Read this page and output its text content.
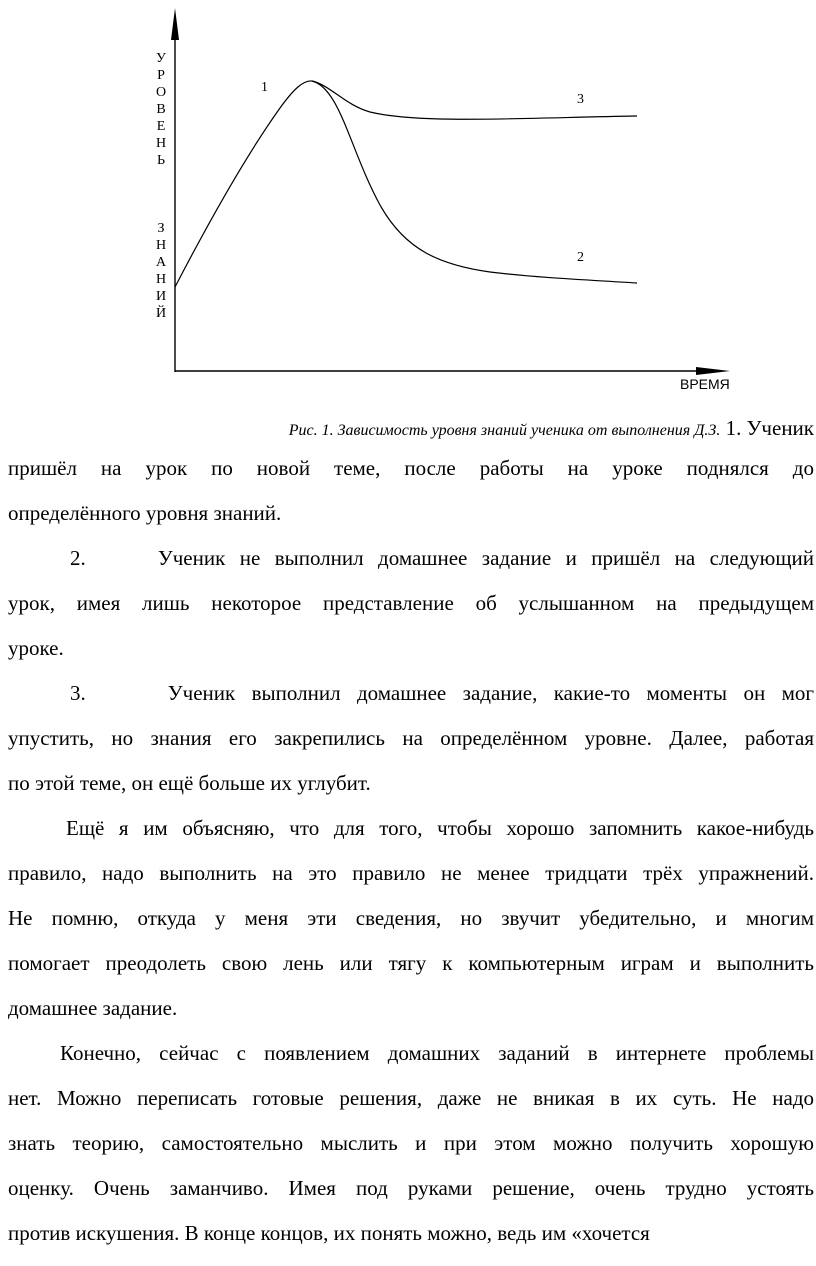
У
Р
О
В
Е
Н
Ь
З
Н
А
Н
И
Й
1
2
3
ВРЕМЯ
Рис. 1. Зависимость уровня знаний ученика от выполнения Д.З. 1. Ученик
пришёл на урок по новой теме, после работы на уроке поднялся до
определённого уровня знаний.
2.     Ученик не выполнил домашнее задание и пришёл на следующий
урок, имея лишь некоторое представление об услышанном на предыдущем
уроке.
3.     Ученик выполнил домашнее задание, какие-то моменты он мог
упустить, но знания его закрепились на определённом уровне. Далее, работая
по этой теме, он ещё больше их углубит.
Ещё я им объясняю, что для того, чтобы хорошо запомнить какое-нибудь
правило, надо выполнить на это правило не менее тридцати трёх упражнений.
Не помню, откуда у меня эти сведения, но звучит убедительно, и многим
помогает преодолеть свою лень или тягу к компьютерным играм и выполнить
домашнее задание.
Конечно, сейчас с появлением домашних заданий в интернете проблемы
нет. Можно переписать готовые решения, даже не вникая в их суть. Не надо
знать теорию, самостоятельно мыслить и при этом можно получить хорошую
оценку. Очень заманчиво. Имея под руками решение, очень трудно устоять
против искушения. В конце концов, их понять можно, ведь им «хочется
